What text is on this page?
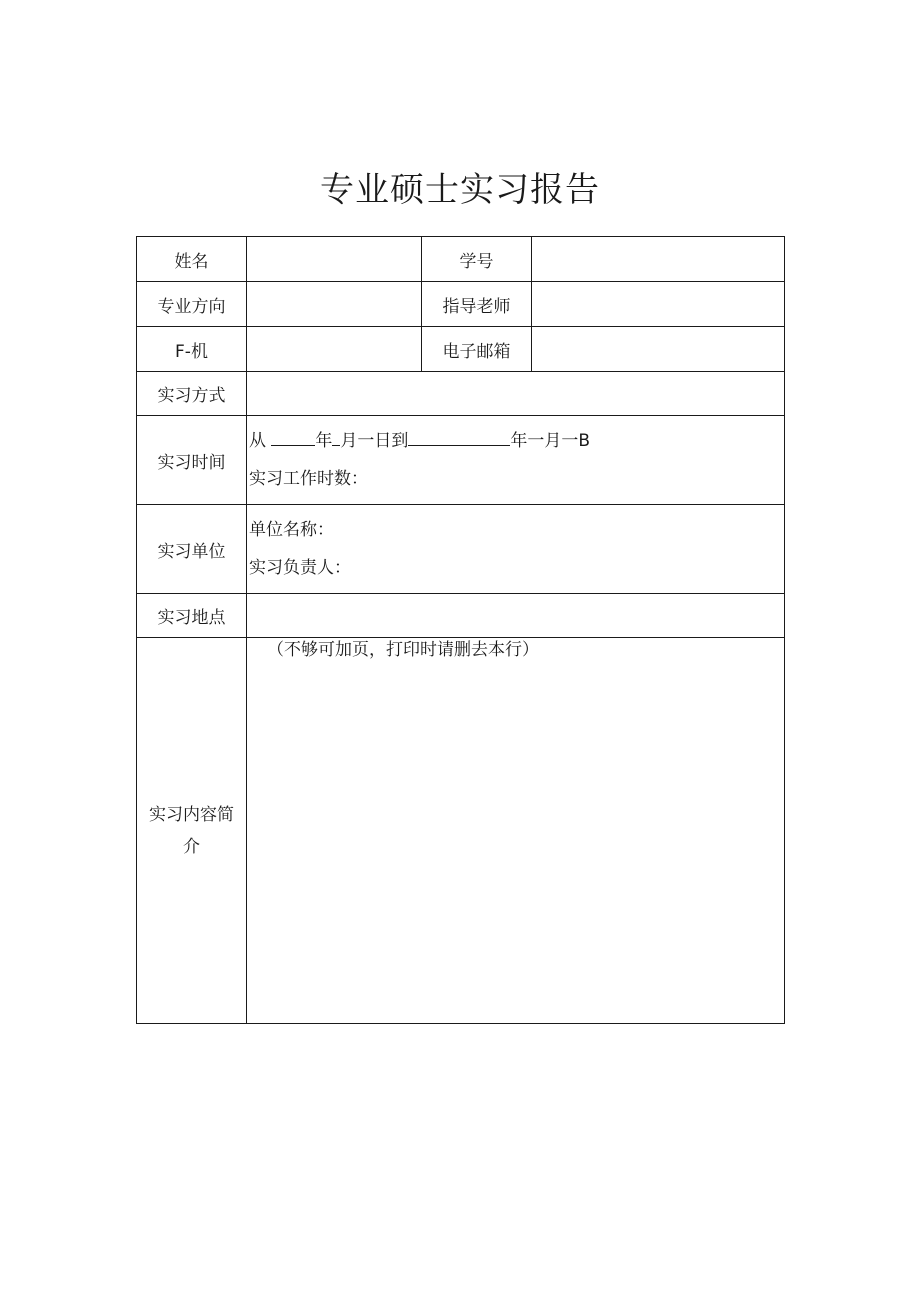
专业硕士实习报告
姓名		学号	
专业方向		指导老师	
F-机		电子邮箱	
实习方式			
实习时间	从 年 月一日到 年一月一B
实习工作时数：		

实习单位	单位名称：
实习负责人：		

实习地点			
实习内容简介	（不够可加页，打印时请删去本行）		
